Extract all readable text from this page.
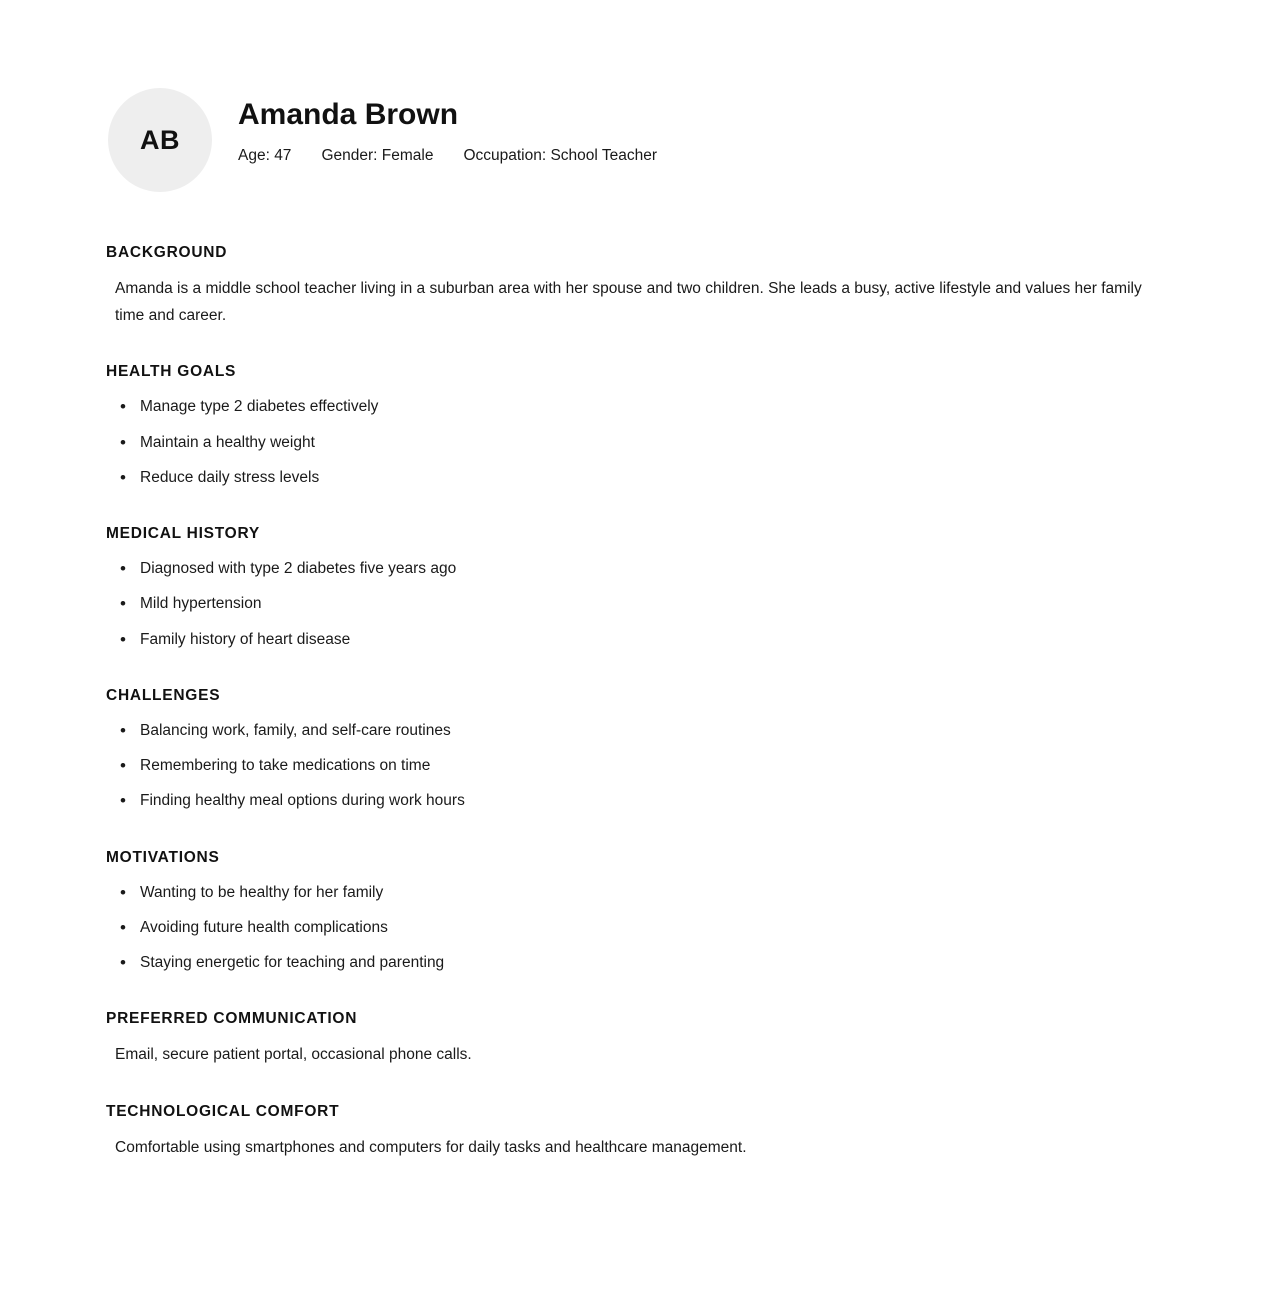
AB
Amanda Brown
Age: 47 Gender: Female Occupation: School Teacher
BACKGROUND

Amanda is a middle school teacher living in a suburban area with her spouse and two children. She leads a busy, active lifestyle and values her family time and career.

HEALTH GOALS
• Manage type 2 diabetes effectively
• Maintain a healthy weight
• Reduce daily stress levels
MEDICAL HISTORY
• Diagnosed with type 2 diabetes five years ago
• Mild hypertension
• Family history of heart disease
CHALLENGES
• Balancing work, family, and self-care routines
• Remembering to take medications on time
• Finding healthy meal options during work hours
MOTIVATIONS
• Wanting to be healthy for her family
• Avoiding future health complications
• Staying energetic for teaching and parenting
PREFERRED COMMUNICATION

Email, secure patient portal, occasional phone calls.

TECHNOLOGICAL COMFORT

Comfortable using smartphones and computers for daily tasks and healthcare management.
